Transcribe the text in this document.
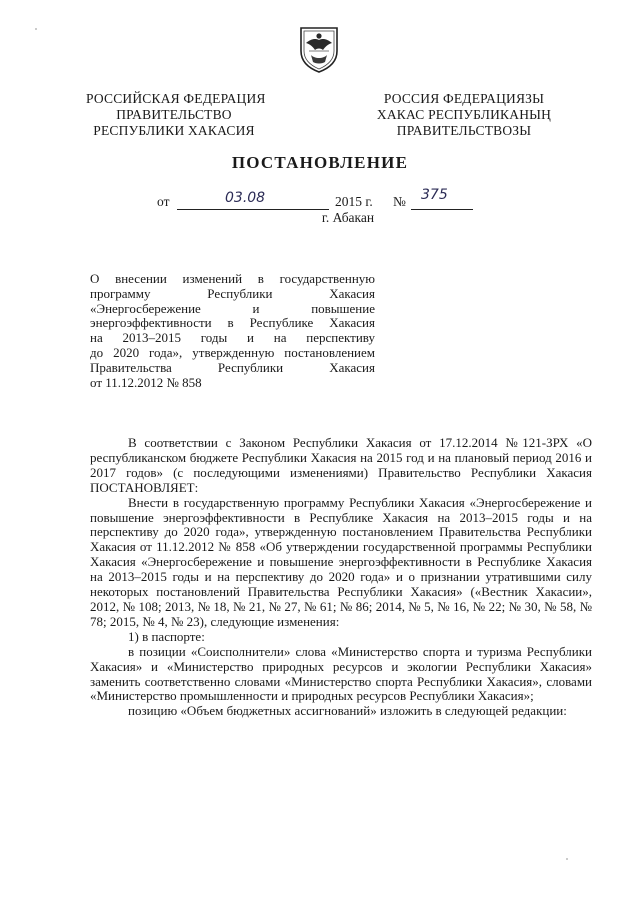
РОССИЙСКАЯ ФЕДЕРАЦИЯ
ПРАВИТЕЛЬСТВО
РЕСПУБЛИКИ ХАКАСИЯ
РОССИЯ ФЕДЕРАЦИЯЗЫ
ХАКАС РЕСПУБЛИКАНЫҢ
ПРАВИТЕЛЬСТВОЗЫ
ПОСТАНОВЛЕНИЕ
от	03.08	2015 г. № 375
г. Абакан
О внесении изменений в государственную
программу Республики Хакасия
«Энергосбережение и повышение
энергоэффективности в Республике Хакасия
на 2013–2015 годы и на перспективу
до 2020 года», утвержденную постановлением
Правительства Республики Хакасия
от 11.12.2012 № 858

В соответствии с Законом Республики Хакасия от 17.12.2014 №121-ЗРХ «О республиканском бюджете Республики Хакасия на 2015 год и на плановый период 2016 и 2017 годов» (с последующими изменениями) Правительство Республики Хакасия ПОСТАНОВЛЯЕТ:

Внести в государственную программу Республики Хакасия «Энергосбережение и повышение энергоэффективности в Республике Хакасия на 2013–2015 годы и на перспективу до 2020 года», утвержденную постановлением Правительства Республики Хакасия от 11.12.2012 № 858 «Об утверждении государственной программы Республики Хакасия «Энергосбережение и повышение энергоэффективности в Республике Хакасия на 2013–2015 годы и на перспективу до 2020 года» и о признании утратившими силу некоторых постановлений Правительства Республики Хакасия» («Вестник Хакасии», 2012, № 108; 2013, № 18, № 21, № 27, № 61; № 86; 2014, № 5, № 16, № 22; № 30, № 58, № 78; 2015, № 4, № 23), следующие изменения:

1) в паспорте:

в позиции «Соисполнители» слова «Министерство спорта и туризма Республики Хакасия» и «Министерство природных ресурсов и экологии Республики Хакасия» заменить соответственно словами «Министерство спорта Республики Хакасия», словами «Министерство промышленности и природных ресурсов Республики Хакасия»;

позицию «Объем бюджетных ассигнований» изложить в следующей редакции:
